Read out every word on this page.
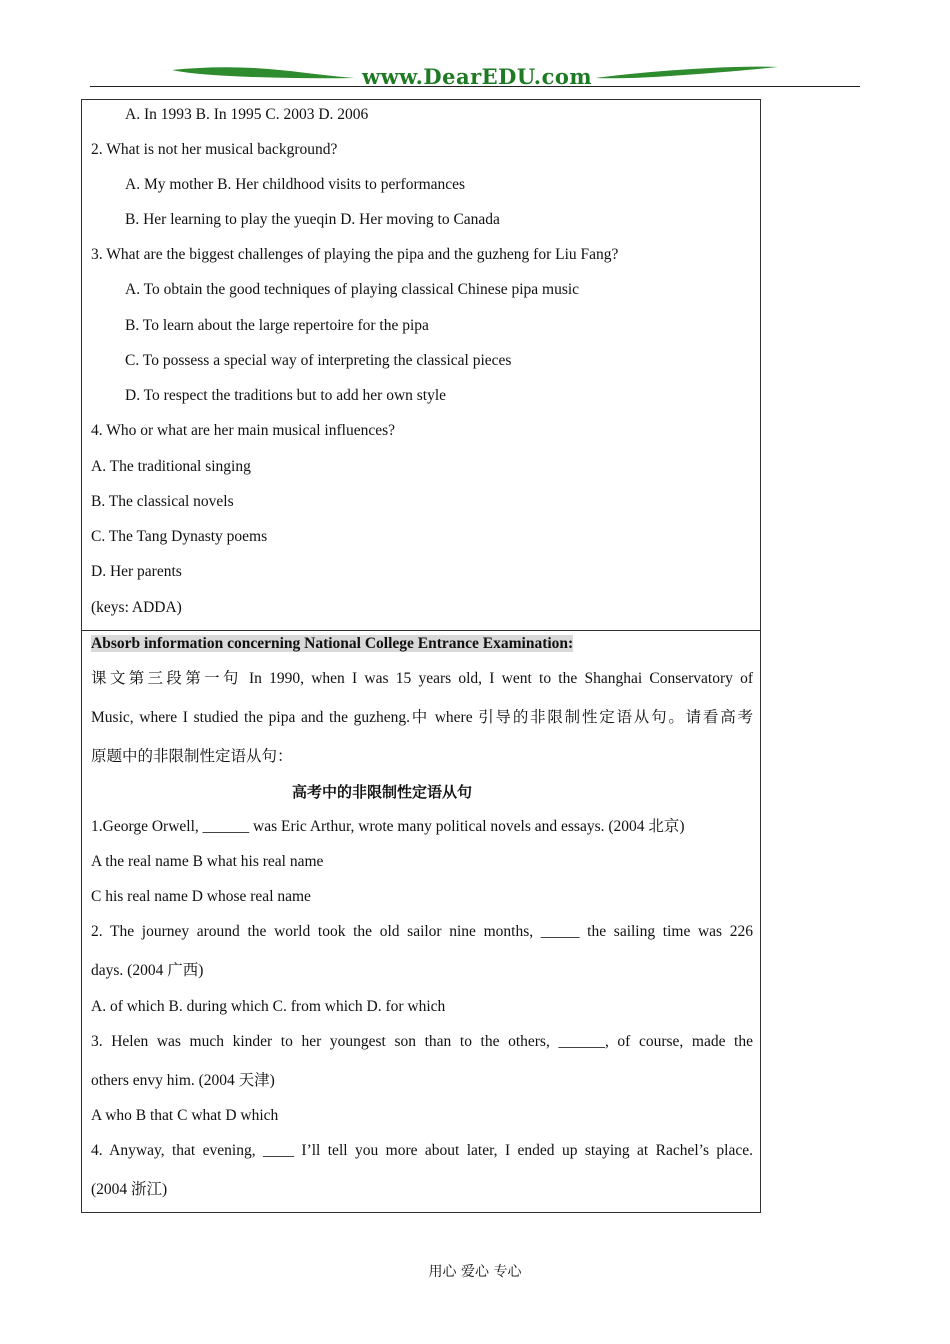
www.DearEDU.com
A. In 1993 B. In 1995 C. 2003 D. 2006
2. What is not her musical background?
A. My mother B. Her childhood visits to performances
B. Her learning to play the yueqin D. Her moving to Canada
3. What are the biggest challenges of playing the pipa and the guzheng for Liu Fang?
A. To obtain the good techniques of playing classical Chinese pipa music
B. To learn about the large repertoire for the pipa
C. To possess a special way of interpreting the classical pieces
D. To respect the traditions but to add her own style
4. Who or what are her main musical influences?
A. The traditional singing
B. The classical novels
C. The Tang Dynasty poems
D. Her parents
(keys: ADDA)
Absorb information concerning National College Entrance Examination:
课文第三段第一句 In 1990, when I was 15 years old, I went to the Shanghai Conservatory of
Music, where I studied the pipa and the guzheng.中 where 引导的非限制性定语从句。请看高考
原题中的非限制性定语从句：
高考中的非限制性定语从句
1.George Orwell, ______ was Eric Arthur, wrote many political novels and essays. (2004 北京)
A the real name B what his real name
C his real name D whose real name
2. The journey around the world took the old sailor nine months, _____ the sailing time was 226
days. (2004 广西)
A. of which B. during which C. from which D. for which
3. Helen was much kinder to her youngest son than to the others, ______, of course, made the
others envy him. (2004 天津)
A who B that C what D which
4. Anyway, that evening, ____ I’ll tell you more about later, I ended up staying at Rachel’s place.
(2004 浙江)
用心 爱心 专心
